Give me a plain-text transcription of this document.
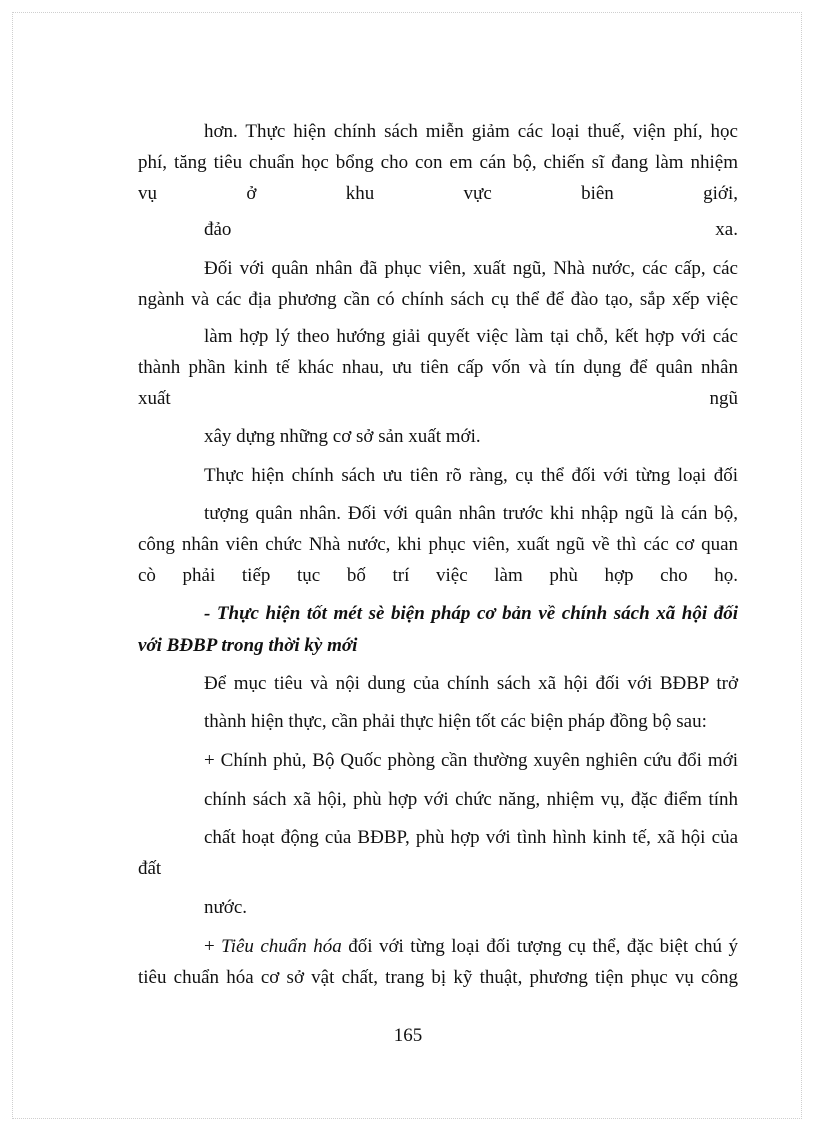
hơn. Thực hiện chính sách miễn giảm các loại thuế, viện phí, học

phí, tăng tiêu chuẩn học bổng cho con em cán bộ, chiến sĩ đang làm nhiệm

vụ ở khu vực biên giới,

đảo xa.

Đối với quân nhân đã phục viên, xuất ngũ, Nhà nước, các cấp, các

ngành và các địa phương cần có chính sách cụ thể để đào tạo, sắp xếp việc

làm hợp lý theo hướng giải quyết việc làm tại chỗ, kết hợp với các

thành phần kinh tế khác nhau, ưu tiên cấp vốn và tín dụng để quân nhân

xuất ngũ

xây dựng những cơ sở sản xuất mới.

Thực hiện chính sách ưu tiên rõ ràng, cụ thể đối với từng loại đối

tượng quân nhân. Đối với quân nhân trước khi nhập ngũ là cán bộ,

công nhân viên chức Nhà nước, khi phục viên, xuất ngũ về thì các cơ quan

cò phải tiếp tục bố trí việc làm phù hợp cho họ.

- Thực hiện tốt mét sè biện pháp cơ bản về chính sách xã hội đối

với BĐBP trong thời kỳ mới

Để mục tiêu và nội dung của chính sách xã hội đối với BĐBP trở

thành hiện thực, cần phải thực hiện tốt các biện pháp đồng bộ sau:

+ Chính phủ, Bộ Quốc phòng cần thường xuyên nghiên cứu đổi mới

chính sách xã hội, phù hợp với chức năng, nhiệm vụ, đặc điểm tính

chất hoạt động của BĐBP, phù hợp với tình hình kinh tế, xã hội của

đất

nước.

+ Tiêu chuẩn hóa đối với từng loại đối tượng cụ thể, đặc biệt chú ý

tiêu chuẩn hóa cơ sở vật chất, trang bị kỹ thuật, phương tiện phục vụ công

165
